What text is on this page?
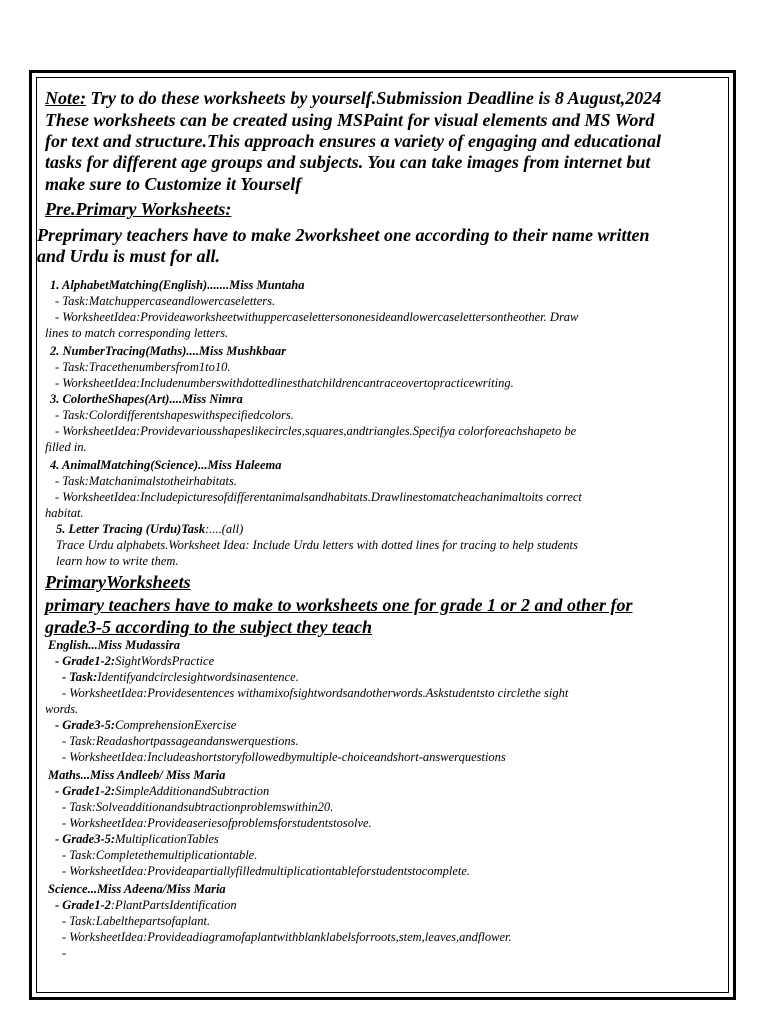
Note: Try to do these worksheets by yourself.Submission Deadline is 8 August,2024
These worksheets can be created using MSPaint for visual elements and MS Word
for text and structure.This approach ensures a variety of engaging and educational
tasks for different age groups and subjects. You can take images from internet but
make sure to Customize it Yourself
Pre.Primary Worksheets:
Preprimary teachers have to make 2worksheet one according to their name written
and Urdu is must for all.
1. AlphabetMatching(English).......Miss Muntaha
- Task:Matchuppercaseandlowercaseletters.
- WorksheetIdea:Provideaworksheetwithuppercaselettersononesideandlowercaselettersontheother. Draw
lines to match corresponding letters.
2. NumberTracing(Maths)....Miss Mushkbaar
- Task:Tracethenumbersfrom1to10.
- WorksheetIdea:Includenumberswithdottedlinesthatchildrencantraceovertopracticewriting.
3. ColortheShapes(Art)....Miss Nimra
- Task:Colordifferentshapeswithspecifiedcolors.
- WorksheetIdea:Providevariousshapeslikecircles,squares,andtriangles.Specifya colorforeachshapeto be
filled in.
4. AnimalMatching(Science)...Miss Haleema
- Task:Matchanimalstotheirhabitats.
- WorksheetIdea:Includepicturesofdifferentanimalsandhabitats.Drawlinestomatcheachanimaltoits correct
habitat.
5. Letter Tracing (Urdu)Task:....(all)
Trace Urdu alphabets.Worksheet Idea: Include Urdu letters with dotted lines for tracing to help students
learn how to write them.
PrimaryWorksheets
primary teachers have to make to worksheets one for grade 1 or 2 and other for
grade3-5 according to the subject they teach
English...Miss Mudassira
- Grade1-2:SightWordsPractice
- Task:Identifyandcirclesightwordsinasentence.
- WorksheetIdea:Providesentences withamixofsightwordsandotherwords.Askstudentsto circlethe sight
words.
- Grade3-5:ComprehensionExercise
- Task:Readashortpassageandanswerquestions.
- WorksheetIdea:Includeashortstoryfollowedbymultiple-choiceandshort-answerquestions
Maths...Miss Andleeb/ Miss Maria
- Grade1-2:SimpleAdditionandSubtraction
- Task:Solveadditionandsubtractionproblemswithin20.
- WorksheetIdea:Provideaseriesofproblemsforstudentstosolve.
- Grade3-5:MultiplicationTables
- Task:Completethemultiplicationtable.
- WorksheetIdea:Provideapartiallyfilledmultiplicationtableforstudentstocomplete.
Science...Miss Adeena/Miss Maria
- Grade1-2:PlantPartsIdentification
- Task:Labelthepartsofaplant.
- WorksheetIdea:Provideadiagramofaplantwithblanklabelsforroots,stem,leaves,andflower.
-
